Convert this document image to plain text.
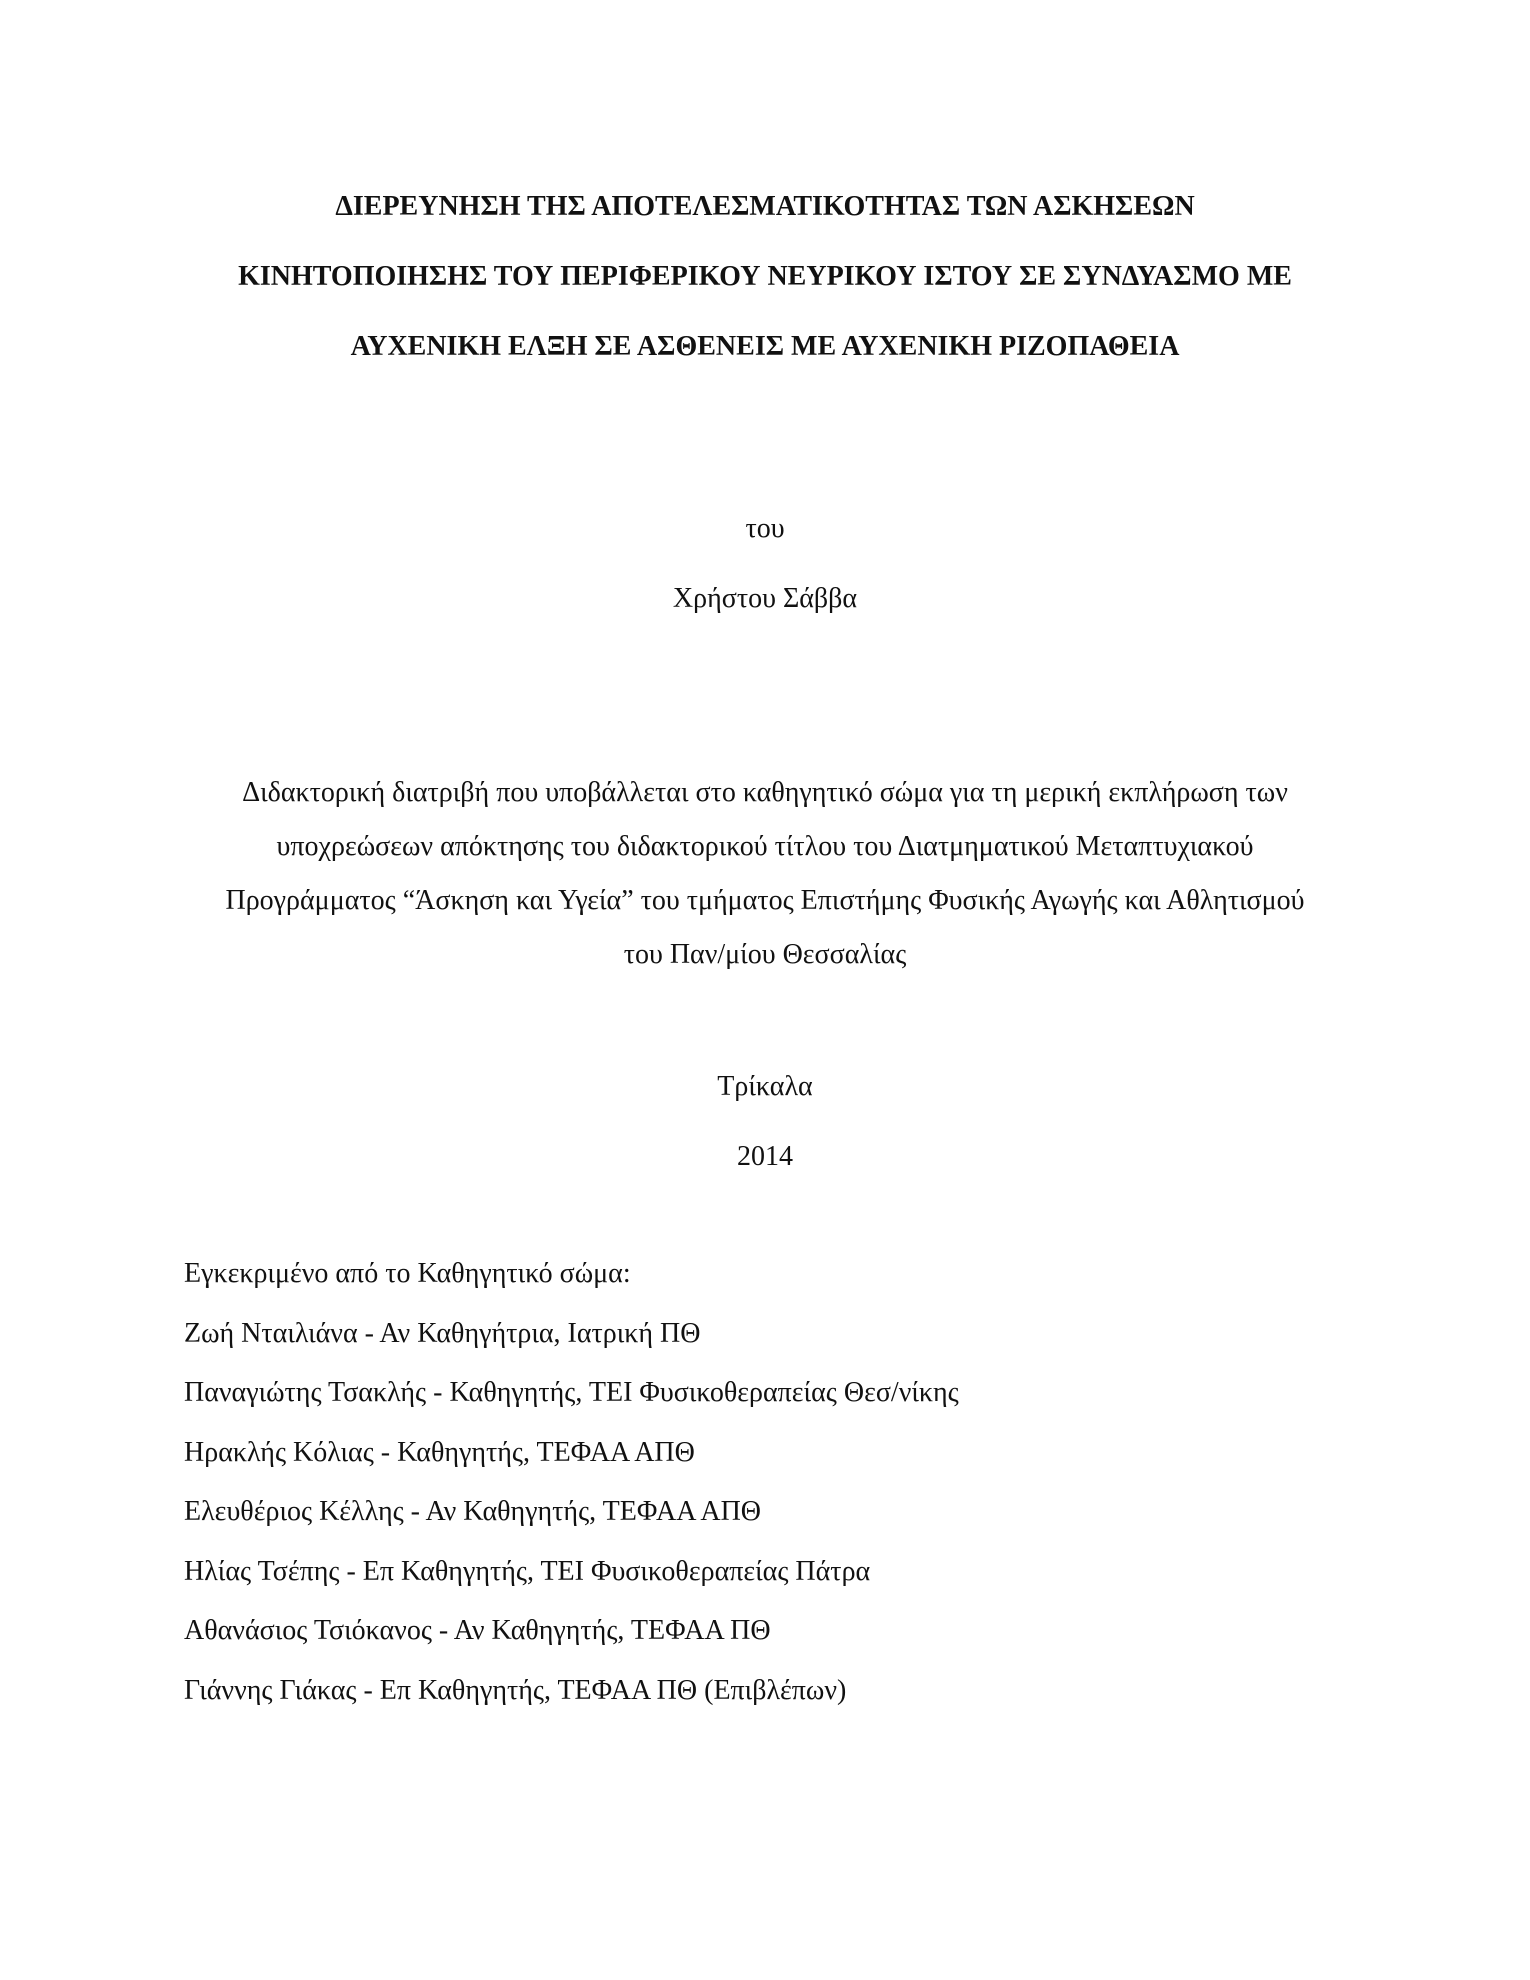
ΔΙΕΡΕΥΝΗΣΗ ΤΗΣ ΑΠΟΤΕΛΕΣΜΑΤΙΚΟΤΗΤΑΣ ΤΩΝ ΑΣΚΗΣΕΩΝ
ΚΙΝΗΤΟΠΟΙΗΣΗΣ ΤΟΥ ΠΕΡΙΦΕΡΙΚΟΥ ΝΕΥΡΙΚΟΥ ΙΣΤΟΥ ΣΕ ΣΥΝΔΥΑΣΜΟ ΜΕ
ΑΥΧΕΝΙΚΗ ΕΛΞΗ ΣΕ ΑΣΘΕΝΕΙΣ ΜΕ ΑΥΧΕΝΙΚΗ ΡΙΖΟΠΑΘΕΙΑ
του
Χρήστου Σάββα
Διδακτορική διατριβή που υποβάλλεται στο καθηγητικό σώμα για τη μερική εκπλήρωση των
υποχρεώσεων απόκτησης του διδακτορικού τίτλου του Διατμηματικού Μεταπτυχιακού
Προγράμματος “Άσκηση και Υγεία” του τμήματος Επιστήμης Φυσικής Αγωγής και Αθλητισμού
του Παν/μίου Θεσσαλίας
Τρίκαλα
2014
Εγκεκριμένο από το Καθηγητικό σώμα:
Ζωή Νταιλιάνα - Αν Καθηγήτρια, Ιατρική ΠΘ
Παναγιώτης Τσακλής - Καθηγητής, ΤΕΙ Φυσικοθεραπείας Θεσ/νίκης
Ηρακλής Κόλιας - Καθηγητής, ΤΕΦΑΑ ΑΠΘ
Ελευθέριος Κέλλης - Αν Καθηγητής, ΤΕΦΑΑ ΑΠΘ
Ηλίας Τσέπης - Επ Καθηγητής, ΤΕΙ Φυσικοθεραπείας Πάτρα
Αθανάσιος Τσιόκανος - Αν Καθηγητής, ΤΕΦΑΑ ΠΘ
Γιάννης Γιάκας - Επ Καθηγητής, ΤΕΦΑΑ ΠΘ (Επιβλέπων)
